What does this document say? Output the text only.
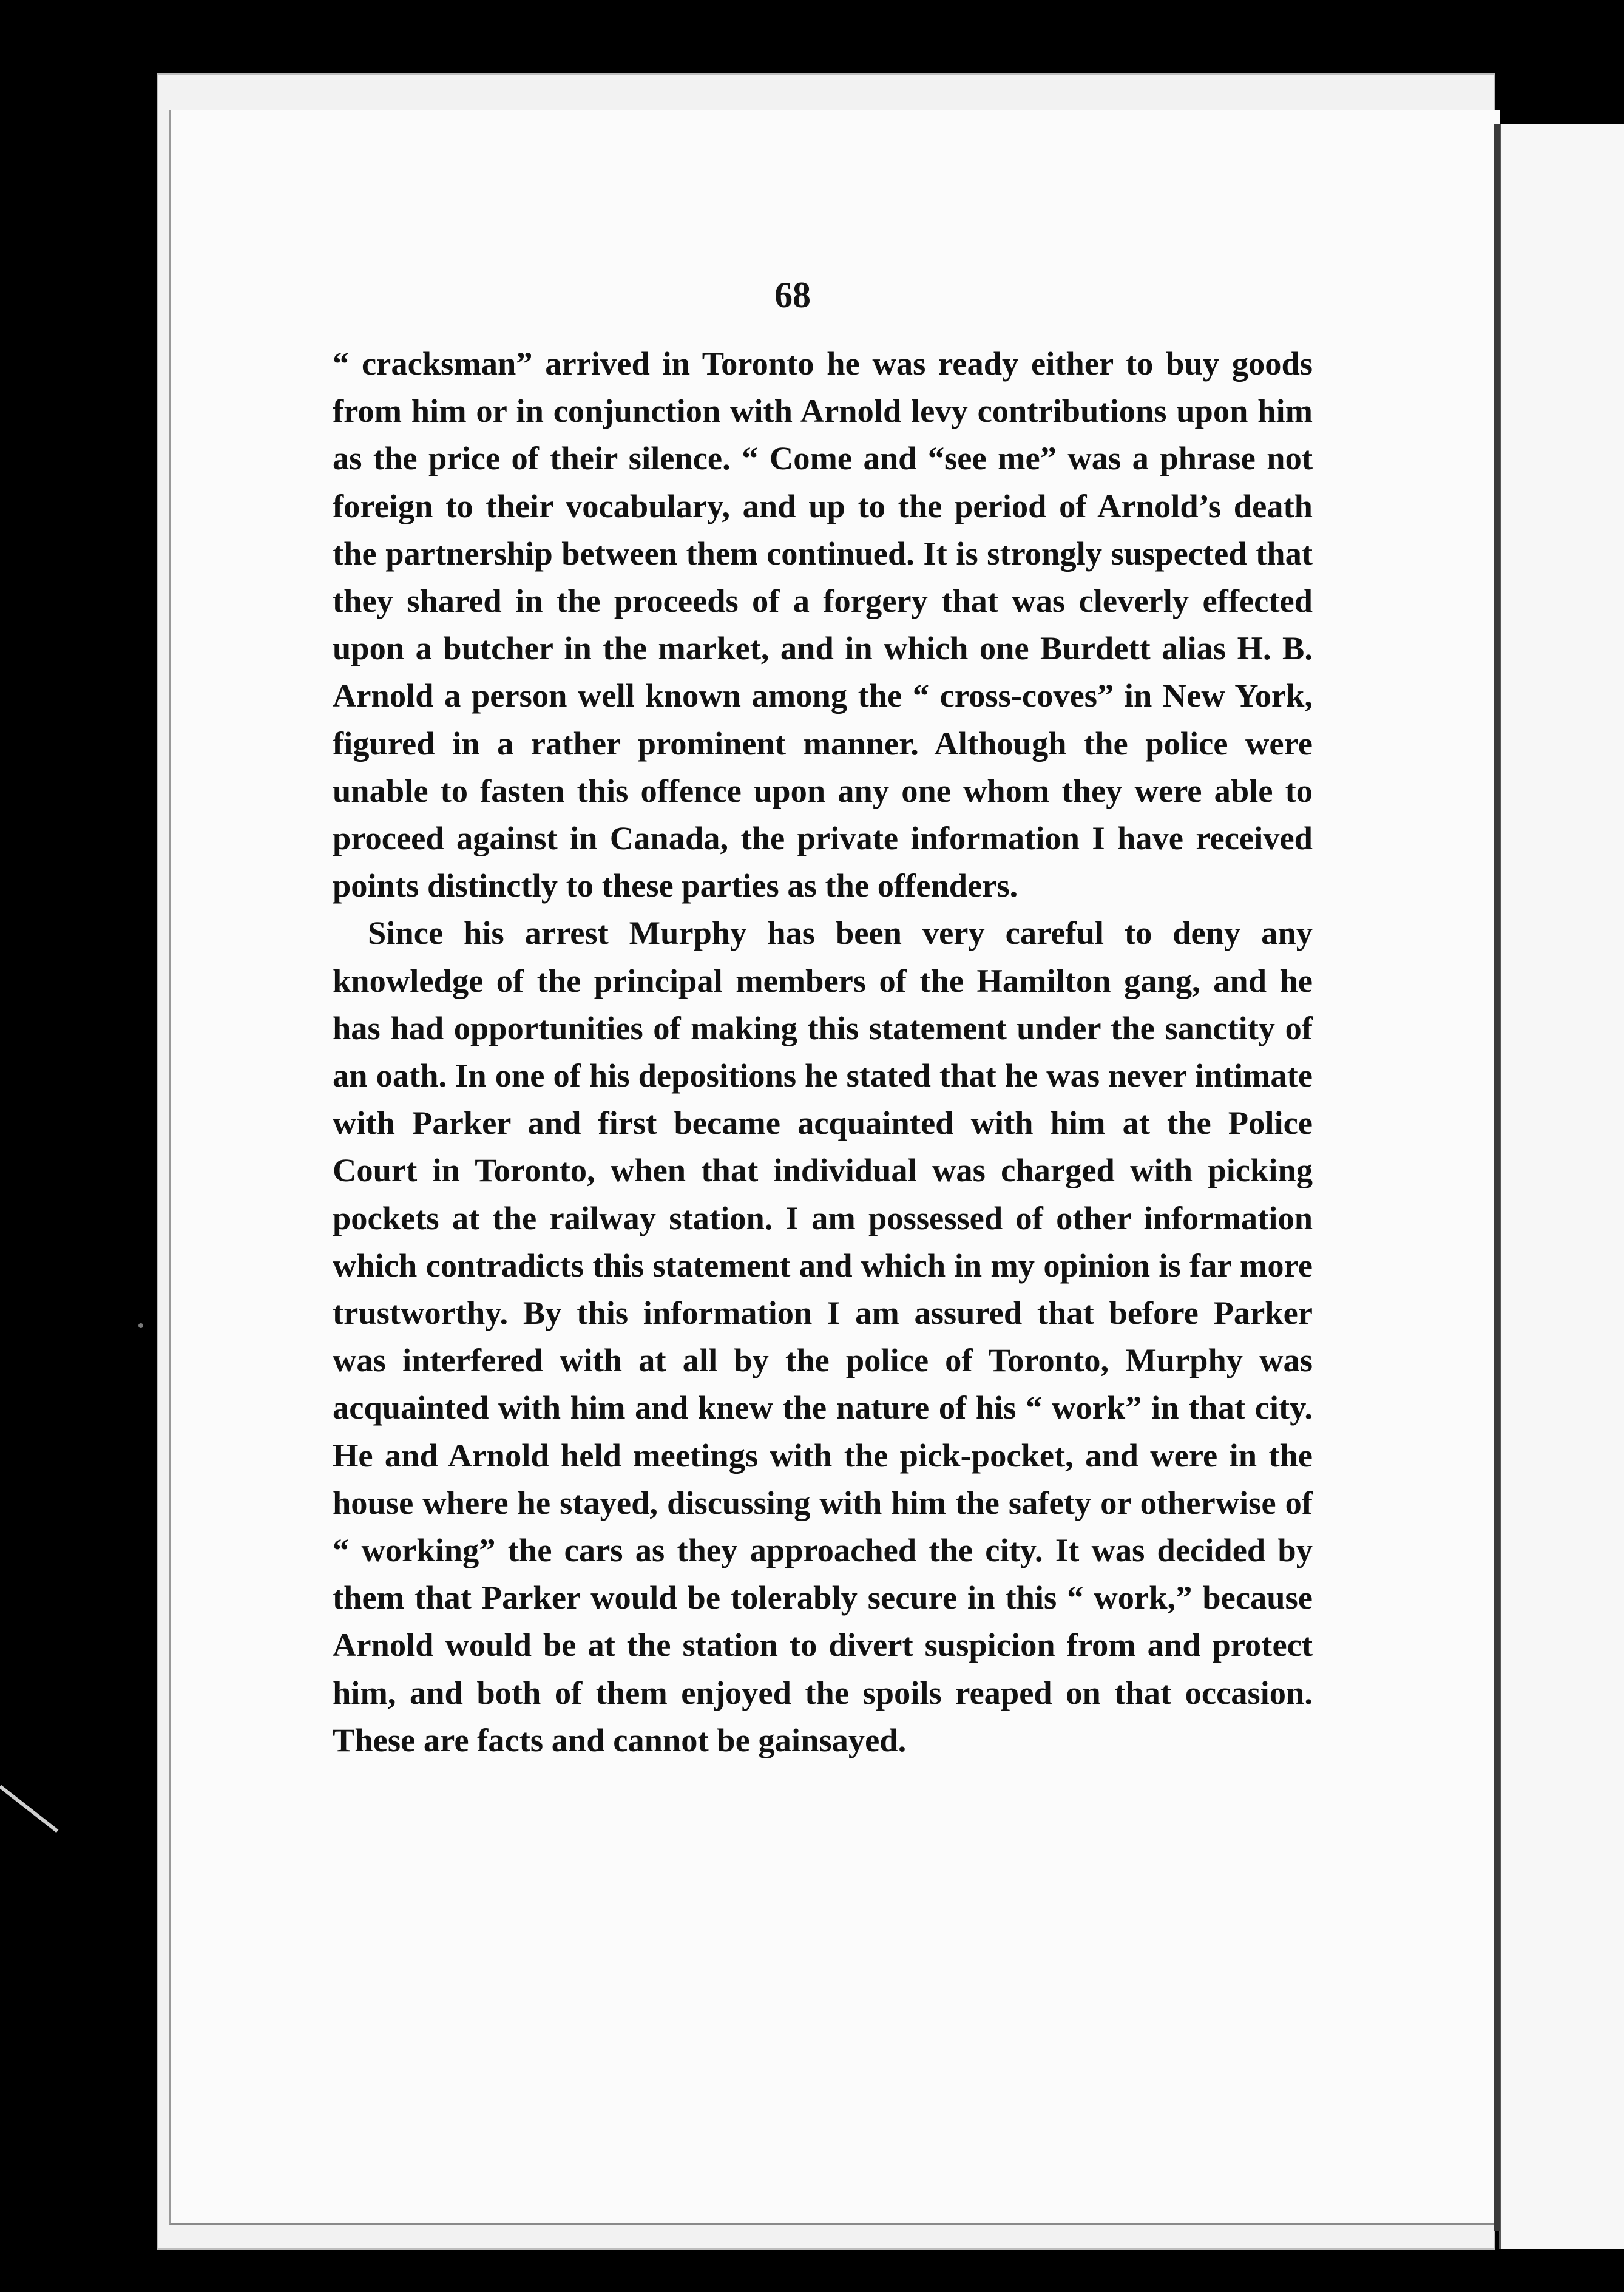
68

“ cracksman” arrived in Toronto he was ready either to buy goods from him or in conjunction with Arnold levy contributions upon him as the price of their silence. “ Come and “see me” was a phrase not foreign to their vocabulary, and up to the period of Arnold’s death the partnership between them continued. It is strongly suspected that they shared in the proceeds of a forgery that was cleverly effected upon a butcher in the market, and in which one Burdett alias H. B. Arnold a person well known among the “ cross-coves” in New York, figured in a rather prominent manner. Although the police were unable to fasten this offence upon any one whom they were able to proceed against in Canada, the private information I have received points distinctly to these parties as the offenders.

Since his arrest Murphy has been very careful to deny any knowledge of the principal members of the Hamilton gang, and he has had opportunities of making this statement under the sanctity of an oath. In one of his depositions he stated that he was never intimate with Parker and first became acquainted with him at the Police Court in Toronto, when that individual was charged with picking pockets at the railway station. I am possessed of other information which contradicts this statement and which in my opinion is far more trustworthy. By this information I am assured that before Parker was interfered with at all by the police of Toronto, Murphy was acquainted with him and knew the nature of his “ work” in that city. He and Arnold held meetings with the pick-pocket, and were in the house where he stayed, discussing with him the safety or otherwise of “ working” the cars as they approached the city. It was decided by them that Parker would be tolerably secure in this “ work,” because Arnold would be at the station to divert suspicion from and protect him, and both of them enjoyed the spoils reaped on that occasion. These are facts and cannot be gainsayed.
